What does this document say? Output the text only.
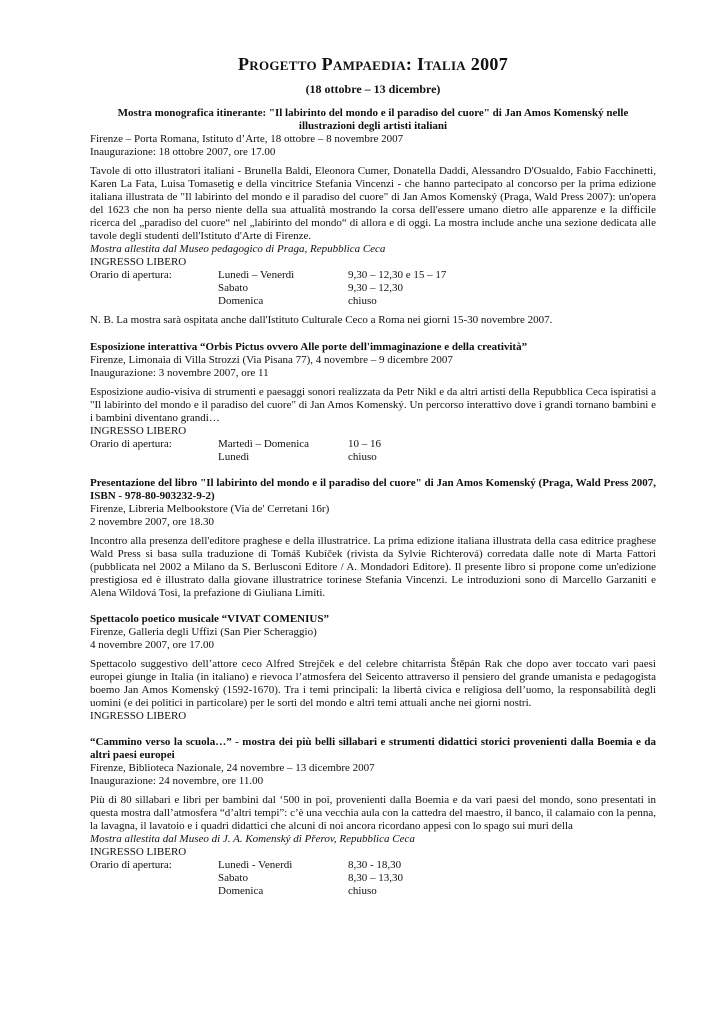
Progetto Pampaedia: Italia 2007
(18 ottobre – 13 dicembre)
Mostra monografica itinerante: "Il labirinto del mondo e il paradiso del cuore" di Jan Amos Komenský nelle
illustrazioni degli artisti italiani

Firenze – Porta Romana, Istituto d’Arte, 18 ottobre – 8 novembre 2007

Inaugurazione: 18 ottobre 2007, ore 17.00

Tavole di otto illustratori italiani - Brunella Baldi, Eleonora Cumer, Donatella Daddi, Alessandro D'Osualdo, Fabio Facchinetti, Karen La Fata, Luisa Tomasetig e della vincitrice Stefania Vincenzi - che hanno partecipato al concorso per la prima edizione italiana illustrata de "Il labirinto del mondo e il paradiso del cuore" di Jan Amos Komenský (Praga, Wald Press 2007): un'opera del 1623 che non ha perso niente della sua attualità mostrando la corsa dell'essere umano dietro alle apparenze e la difficile ricerca del „paradiso del cuore“ nel „labirinto del mondo“ di allora e di oggi. La mostra include anche una sezione dedicata alle tavole degli studenti dell'Istituto d'Arte di Firenze.

Mostra allestita dal Museo pedagogico di Praga, Repubblica Ceca

INGRESSO LIBERO

Orario di apertura:	Lunedì – Venerdì	9,30 – 12,30 e 15 – 17
Sabato	9,30 – 12,30
Domenica	chiuso

N. B. La mostra sarà ospitata anche dall'Istituto Culturale Ceco a Roma nei giorni 15-30 novembre 2007.

Esposizione interattiva “Orbis Pictus ovvero Alle porte dell'immaginazione e della creatività”

Firenze, Limonaia di Villa Strozzi (Via Pisana 77), 4 novembre – 9 dicembre 2007

Inaugurazione: 3 novembre 2007, ore 11

Esposizione audio-visiva di strumenti e paesaggi sonori realizzata da Petr Nikl e da altri artisti della Repubblica Ceca ispiratisi a "Il labirinto del mondo e il paradiso del cuore" di Jan Amos Komenský. Un percorso interattivo dove i grandi tornano bambini e i bambini diventano grandi…

INGRESSO LIBERO

Orario di apertura:	Martedì – Domenica	10 – 16
Lunedì	chiuso
Presentazione del libro "Il labirinto del mondo e il paradiso del cuore" di Jan Amos Komenský (Praga, Wald Press 2007, ISBN - 978-80-903232-9-2)

Firenze, Libreria Melbookstore (Via de' Cerretani 16r)

2 novembre 2007, ore 18.30

Incontro alla presenza dell'editore praghese e della illustratrice. La prima edizione italiana illustrata della casa editrice praghese Wald Press si basa sulla traduzione di Tomáš Kubíček (rivista da Sylvie Richterová) corredata dalle note di Marta Fattori (pubblicata nel 2002 a Milano da S. Berlusconi Editore / A. Mondadori Editore). Il presente libro si propone come un'edizione prestigiosa ed è illustrato dalla giovane illustratrice torinese Stefania Vincenzi. Le introduzioni sono di Marcello Garzaniti e Alena Wildová Tosi, la prefazione di Giuliana Limiti.

Spettacolo poetico musicale “VIVAT COMENIUS”

Firenze, Galleria degli Uffizi (San Pier Scheraggio)

4 novembre 2007, ore 17.00

Spettacolo suggestivo dell’attore ceco Alfred Strejček e del celebre chitarrista Štěpán Rak che dopo aver toccato vari paesi europei giunge in Italia (in italiano) e rievoca l’atmosfera del Seicento attraverso il pensiero del grande umanista e pedagogista boemo Jan Amos Komenský (1592-1670). Tra i temi principali: la libertà civica e religiosa dell’uomo, la responsabilità degli uomini (e dei politici in particolare) per le sorti del mondo e altri temi attuali anche nei giorni nostri.

INGRESSO LIBERO

“Cammino verso la scuola…” - mostra dei più belli sillabari e strumenti didattici storici provenienti dalla Boemia e da altri paesi europei

Firenze, Biblioteca Nazionale, 24 novembre – 13 dicembre 2007

Inaugurazione: 24 novembre, ore 11.00

Più di 80 sillabari e libri per bambini dal ‘500 in poi, provenienti dalla Boemia e da vari paesi del mondo, sono presentati in questa mostra dall’atmosfera “d’altri tempi”: c’è una vecchia aula con la cattedra del maestro, il banco, il calamaio con la penna, la lavagna, il lavatoio e i quadri didattici che alcuni di noi ancora ricordano appesi con lo spago sui muri della

Mostra allestita dal Museo di J. A. Komenský di Přerov, Repubblica Ceca

INGRESSO LIBERO

Orario di apertura:	Lunedì - Venerdì	8,30 - 18,30
Sabato	8,30 – 13,30
Domenica	chiuso
